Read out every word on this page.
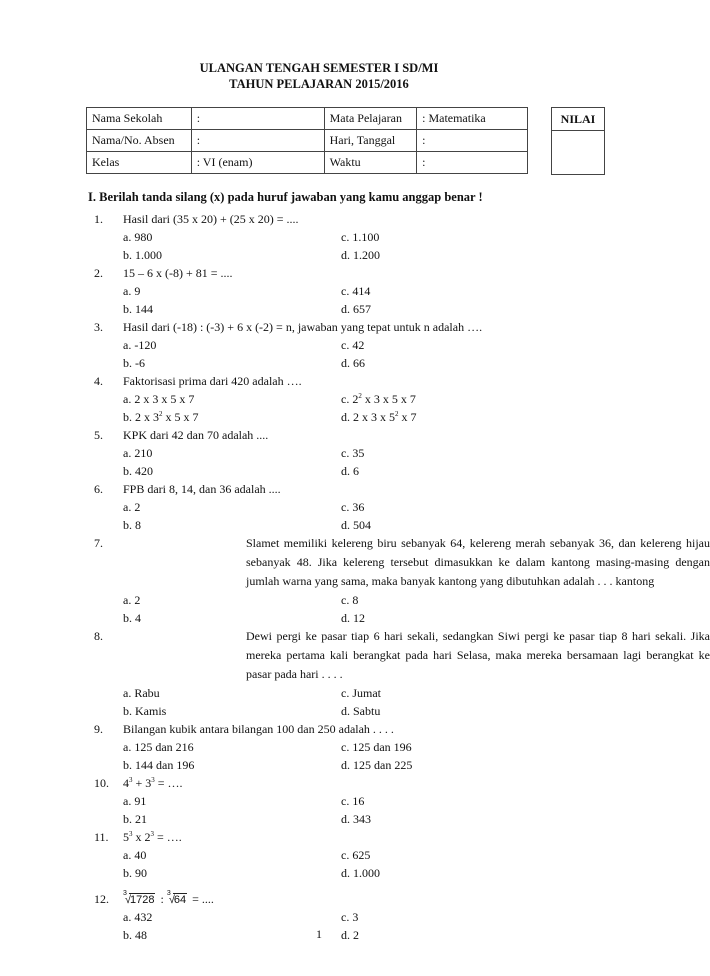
ULANGAN TENGAH SEMESTER I SD/MI
TAHUN PELAJARAN 2015/2016
Nama Sekolah	:	Mata Pelajaran	: Matematika
Nama/No. Absen	:	Hari, Tanggal	:
Kelas	: VI (enam)	Waktu	:
NILAI
I. Berilah tanda silang (x) pada huruf jawaban yang kamu anggap benar !
1.	Hasil dari (35 x 20) + (25 x 20) = ....
a. 980	c. 1.100
b. 1.000	d. 1.200
2.	15 – 6 x (-8) + 81 = ....
a. 9	c. 414
b. 144	d. 657
3.	Hasil dari (-18) : (-3) + 6 x (-2) = n, jawaban yang tepat untuk n adalah ….
a. -120	c. 42
b. -6	d. 66
4.	Faktorisasi prima dari 420 adalah ….
a. 2 x 3 x 5 x 7	c. $2^2$ x 3 x 5 x 7
b. 2 x $3^2$ x 5 x 7	d. 2 x 3 x $5^2$ x 7
5.	KPK dari 42 dan 70 adalah ....
a. 210	c. 35
b. 420	d. 6
6.	FPB dari 8, 14, dan 36 adalah ....
a. 2	c. 36
b. 8	d. 504
7.	Slamet memiliki kelereng biru sebanyak 64, kelereng merah sebanyak 36, dan kelereng hijau sebanyak 48. Jika kelereng tersebut dimasukkan ke dalam kantong masing-masing dengan jumlah warna yang sama, maka banyak kantong yang dibutuhkan adalah . . . kantong
a. 2	c. 8
b. 4	d. 12
8.	Dewi pergi ke pasar tiap 6 hari sekali, sedangkan Siwi pergi ke pasar tiap 8 hari sekali. Jika mereka pertama kali berangkat pada hari Selasa, maka mereka bersamaan lagi berangkat ke pasar pada hari . . . .
a. Rabu	c. Jumat
b. Kamis	d. Sabtu
9.	Bilangan kubik antara bilangan 100 dan 250 adalah . . . .
a. 125 dan 216	c. 125 dan 196
b. 144 dan 196	d. 125 dan 225
10.	$4^3 + 3^3$ = ….
a. 91	c. 16
b. 21	d. 343
11.	$5^3$ x $2^3$ = ….
a. 40	c. 625
b. 90	d. 1.000
12.	3
√
1728 : 3
√
64 = ....
a. 432	c. 3
b. 48	d. 2
1
